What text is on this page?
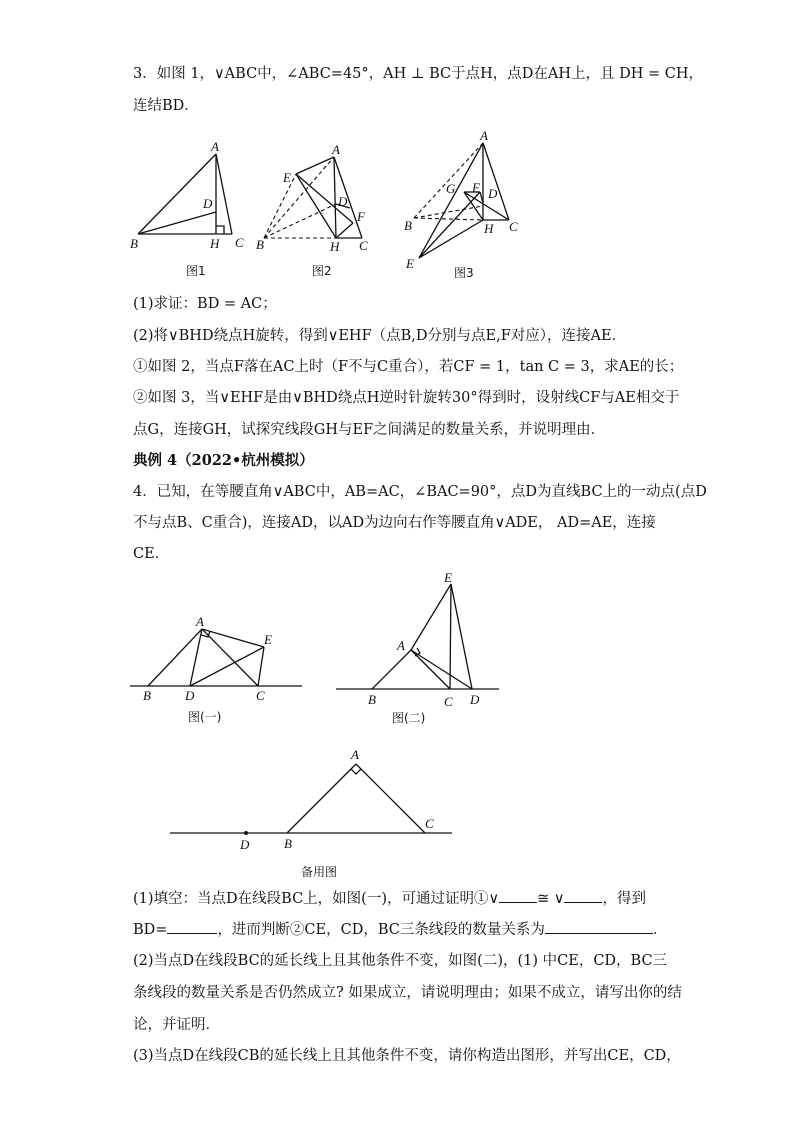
3．如图 1，∨ABC中，∠ABC=45°，AH ⊥ BC于点H，点D在AH上，且 DH = CH，
连结BD．
A
D
B	H C
图1
A
E
D
F
B	H C
图2
A
G F D
B	H C
E
图3
(1)求证：BD = AC；
(2)将∨BHD绕点H旋转，得到∨EHF（点B,D分别与点E,F对应），连接AE．
①如图 2，当点F落在AC上时（F不与C重合），若CF = 1，tan C = 3，求AE的长；
②如图 3，当∨EHF是由∨BHD绕点H逆时针旋转30°得到时，设射线CF与AE相交于
点G，连接GH，试探究线段GH与EF之间满足的数量关系，并说明理由．
典例 4（2022•杭州模拟）
4．已知，在等腰直角∨ABC中，AB=AC，∠BAC=90°，点D为直线BC上的一动点(点D
不与点B、C重合)，连接AD，以AD为边向右作等腰直角∨ADE， AD=AE，连接
CE．
A
E
B	D	C
图(一)
E
A
B	C D
图(二)
A
C
B
D
备用图
(1)填空：当点D在线段BC上，如图(一)，可通过证明①∨	≅ ∨	，得到
BD=	，进而判断②CE，CD，BC三条线段的数量关系为	．
(2)当点D在线段BC的延长线上且其他条件不变，如图(二)，(1) 中CE，CD，BC三
条线段的数量关系是否仍然成立? 如果成立，请说明理由；如果不成立，请写出你的结
论，并证明．
(3)当点D在线段CB的延长线上且其他条件不变，请你构造出图形，并写出CE，CD，
